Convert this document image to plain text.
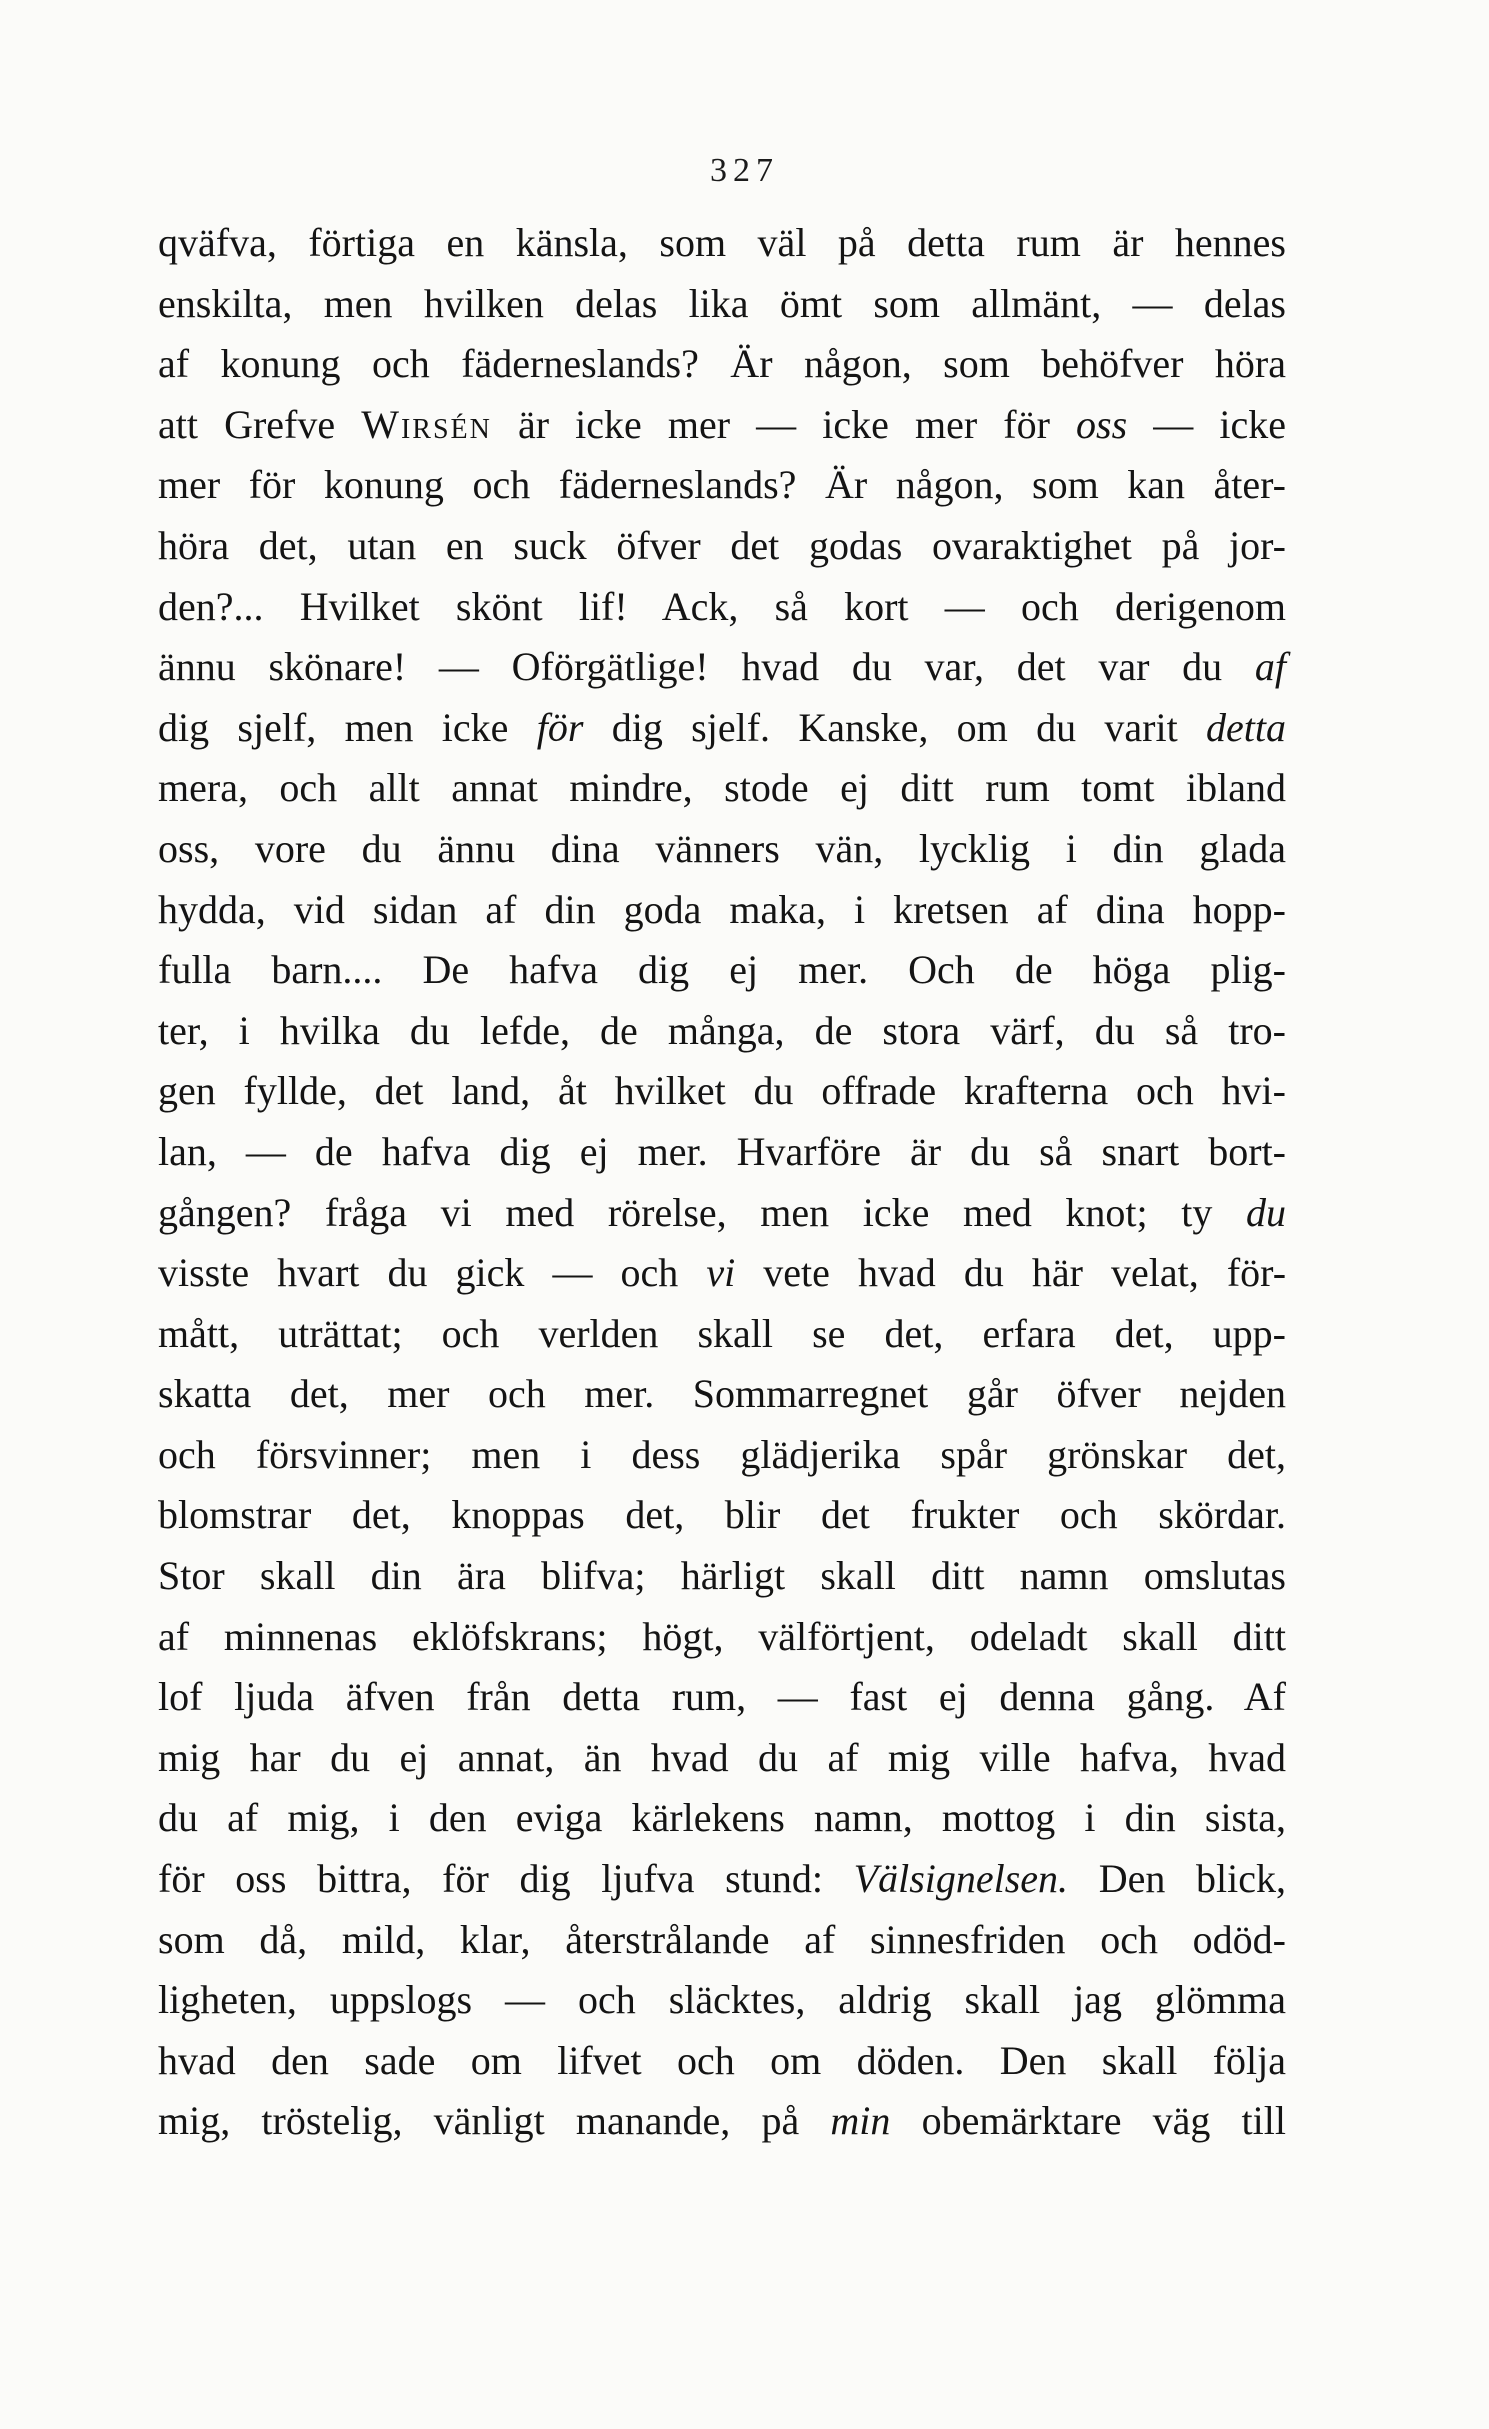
327
qväfva, förtiga en känsla, som väl på detta rum är hennes
enskilta, men hvilken delas lika ömt som allmänt, — delas
af konung och fäderneslands? Är någon, som behöfver höra
att Grefve Wirsén är icke mer — icke mer för oss — icke
mer för konung och fäderneslands? Är någon, som kan åter-
höra det, utan en suck öfver det godas ovaraktighet på jor-
den?... Hvilket skönt lif! Ack, så kort — och derigenom
ännu skönare! — Oförgätlige! hvad du var, det var du af
dig sjelf, men icke för dig sjelf. Kanske, om du varit detta
mera, och allt annat mindre, stode ej ditt rum tomt ibland
oss, vore du ännu dina vänners vän, lycklig i din glada
hydda, vid sidan af din goda maka, i kretsen af dina hopp-
fulla barn.... De hafva dig ej mer. Och de höga plig-
ter, i hvilka du lefde, de många, de stora värf, du så tro-
gen fyllde, det land, åt hvilket du offrade krafterna och hvi-
lan, — de hafva dig ej mer. Hvarföre är du så snart bort-
gången? fråga vi med rörelse, men icke med knot; ty du
visste hvart du gick — och vi vete hvad du här velat, för-
mått, uträttat; och verlden skall se det, erfara det, upp-
skatta det, mer och mer. Sommarregnet går öfver nejden
och försvinner; men i dess glädjerika spår grönskar det,
blomstrar det, knoppas det, blir det frukter och skördar.
Stor skall din ära blifva; härligt skall ditt namn omslutas
af minnenas eklöfskrans; högt, välförtjent, odeladt skall ditt
lof ljuda äfven från detta rum, — fast ej denna gång. Af
mig har du ej annat, än hvad du af mig ville hafva, hvad
du af mig, i den eviga kärlekens namn, mottog i din sista,
för oss bittra, för dig ljufva stund: Välsignelsen. Den blick,
som då, mild, klar, återstrålande af sinnesfriden och odöd-
ligheten, uppslogs — och släcktes, aldrig skall jag glömma
hvad den sade om lifvet och om döden. Den skall följa
mig, tröstelig, vänligt manande, på min obemärktare väg till
